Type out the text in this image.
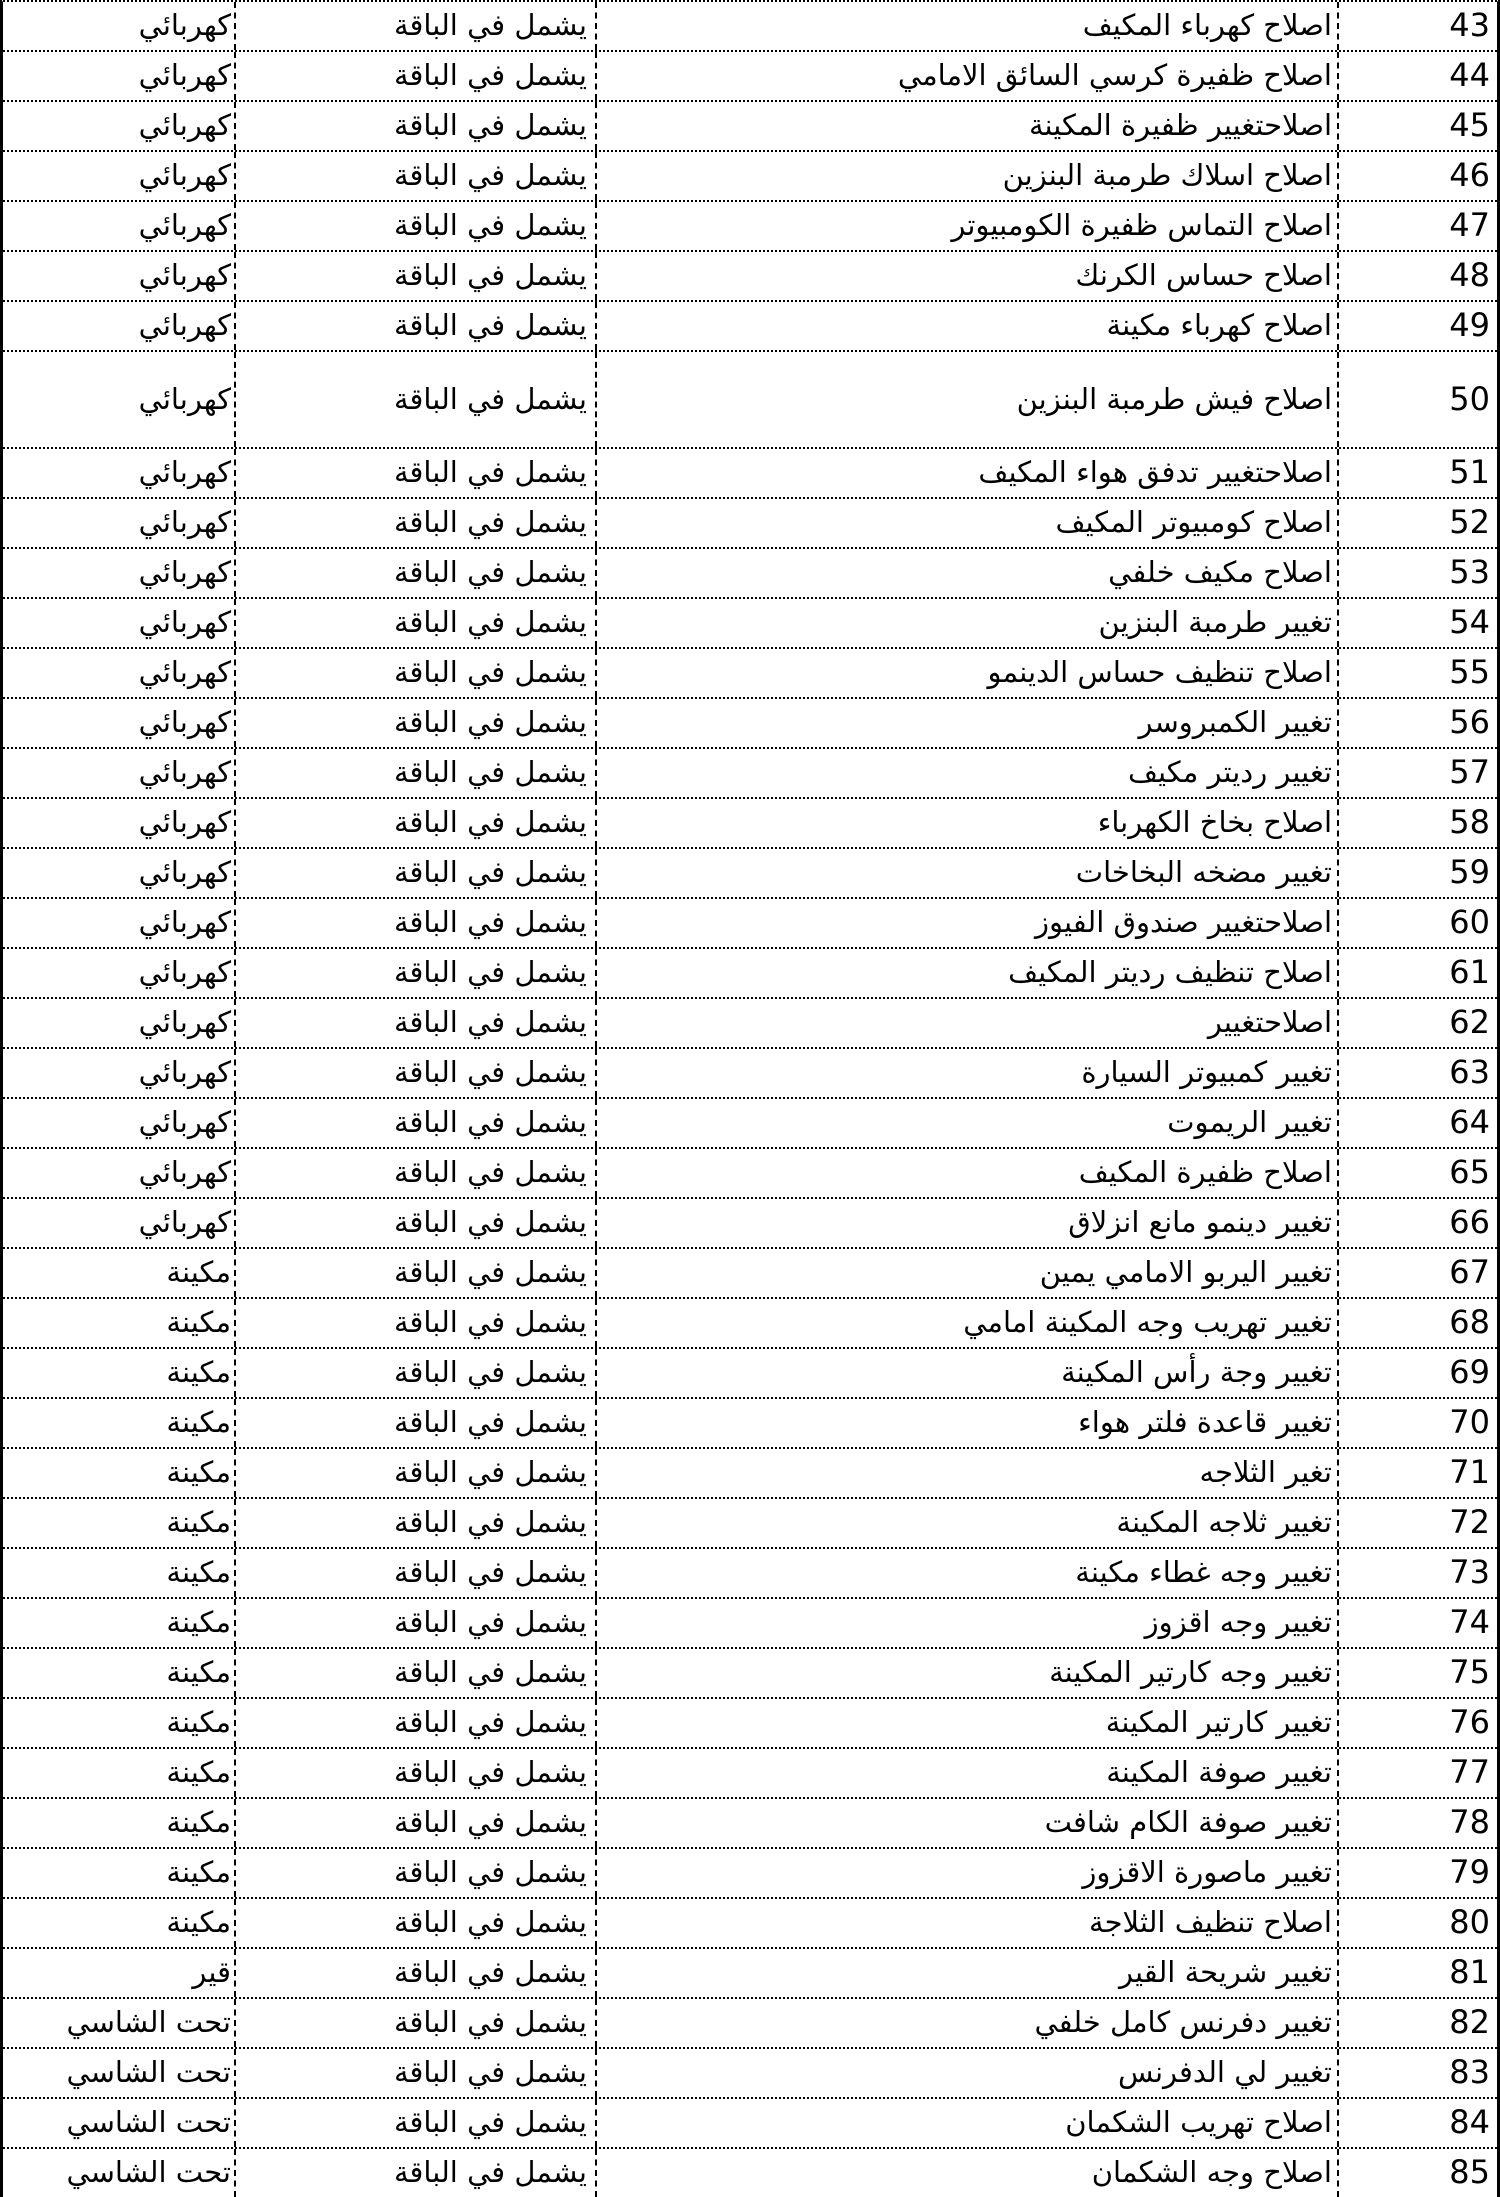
43
اصلاح كهرباء المكيف
يشمل في الباقة
كهربائي
44
اصلاح ظفيرة كرسي السائق الامامي
يشمل في الباقة
كهربائي
45
اصلاحتغيير ظفيرة المكينة
يشمل في الباقة
كهربائي
46
اصلاح اسلاك طرمبة البنزين
يشمل في الباقة
كهربائي
47
اصلاح التماس ظفيرة الكومبيوتر
يشمل في الباقة
كهربائي
48
اصلاح حساس الكرنك
يشمل في الباقة
كهربائي
49
اصلاح كهرباء مكينة
يشمل في الباقة
كهربائي
50
اصلاح فيش طرمبة البنزين
يشمل في الباقة
كهربائي
51
اصلاحتغيير تدفق هواء المكيف
يشمل في الباقة
كهربائي
52
اصلاح كومبيوتر المكيف
يشمل في الباقة
كهربائي
53
اصلاح مكيف خلفي
يشمل في الباقة
كهربائي
54
تغيير طرمبة البنزين
يشمل في الباقة
كهربائي
55
اصلاح تنظيف حساس الدينمو
يشمل في الباقة
كهربائي
56
تغيير الكمبروسر
يشمل في الباقة
كهربائي
57
تغيير رديتر مكيف
يشمل في الباقة
كهربائي
58
اصلاح بخاخ الكهرباء
يشمل في الباقة
كهربائي
59
تغيير مضخه البخاخات
يشمل في الباقة
كهربائي
60
اصلاحتغيير صندوق الفيوز
يشمل في الباقة
كهربائي
61
اصلاح تنظيف رديتر المكيف
يشمل في الباقة
كهربائي
62
اصلاحتغيير
يشمل في الباقة
كهربائي
63
تغيير كمبيوتر السيارة
يشمل في الباقة
كهربائي
64
تغيير الريموت
يشمل في الباقة
كهربائي
65
اصلاح ظفيرة المكيف
يشمل في الباقة
كهربائي
66
تغيير دينمو مانع انزلاق
يشمل في الباقة
كهربائي
67
تغيير اليربو الامامي يمين
يشمل في الباقة
مكينة
68
تغيير تهريب وجه المكينة امامي
يشمل في الباقة
مكينة
69
تغيير وجة رأس المكينة
يشمل في الباقة
مكينة
70
تغيير قاعدة فلتر هواء
يشمل في الباقة
مكينة
71
تغير الثلاجه
يشمل في الباقة
مكينة
72
تغيير ثلاجه المكينة
يشمل في الباقة
مكينة
73
تغيير وجه غطاء مكينة
يشمل في الباقة
مكينة
74
تغيير وجه اقزوز
يشمل في الباقة
مكينة
75
تغيير وجه كارتير المكينة
يشمل في الباقة
مكينة
76
تغيير كارتير المكينة
يشمل في الباقة
مكينة
77
تغيير صوفة المكينة
يشمل في الباقة
مكينة
78
تغيير صوفة الكام شافت
يشمل في الباقة
مكينة
79
تغيير ماصورة الاقزوز
يشمل في الباقة
مكينة
80
اصلاح تنظيف الثلاجة
يشمل في الباقة
مكينة
81
تغيير شريحة القير
يشمل في الباقة
قير
82
تغيير دفرنس كامل خلفي
يشمل في الباقة
تحت الشاسي
83
تغيير لي الدفرنس
يشمل في الباقة
تحت الشاسي
84
اصلاح تهريب الشكمان
يشمل في الباقة
تحت الشاسي
85
اصلاح وجه الشكمان
يشمل في الباقة
تحت الشاسي
